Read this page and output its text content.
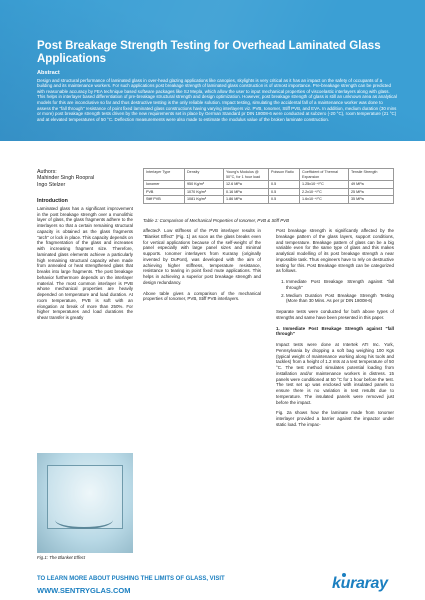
Post Breakage Strength Testing for Overhead Laminated Glass Applications
Abstract
Design and structural performance of laminated glass in over-head glazing applications like canopies, skylights is very critical as it has an impact on the safety of occupants of a building and its maintenance workers. For such applications post breakage strength of laminated glass construction is of utmost importance. Pre-breakage strength can be predicted with reasonable accuracy by FEA technique based software packages like SJ Mepla, which allow the user to input mechanical properties of viscoelastic interlayers along with glass. This helps in interlayer based differentiation of pre-breakage structural strength and design optimization. However, post breakage strength of glass is still an unknown area as analytical models for this are inconclusive so far and thus destructive testing is the only reliable solution. Impact testing, simulating the accidental fall of a maintenance worker was done to assess the "fall through" resistance of point fixed laminated glass constructions having varying interlayers viz. PVB, Ionomer, Stiff PVB, and EVA. In addition, medium duration (30 mins or more) post breakage strength tests driven by the new requirements set in place by German Standard pr DIN 18008-6 were conducted at subzero (-20 °C), room temperature (21 °C) and at elevated temperatures of 50 °C. Deflection measurements were also made to estimate the modulus value of the broken laminate construction.
Authors:
Mahinder Singh Roopral
Ingo Stelzer
Interlayer Type	Density	Young's Modulus @ 50°C, for 1 hour load	Poisson Ratio	Coefficient of Thermal Expansion	Tensile Strength
Ionomer	950 Kg/m³	12.6 MPa	0.5	1.25x10⁻⁴/°C	49 MPa
PVB	1070 Kg/m³	0.16 MPa	0.5	2.2x10⁻⁴/°C	25 MPa
Stiff PVB	1081 Kg/m³	1.86 MPa	0.5	1.6x10⁻⁴/°C	35 MPa
Table 1: Comparison of Mechanical Properties of Ionomer, PVB & Stiff PVB
Introduction

Laminated glass has a significant improvement in the post breakage strength over a monolithic layer of glass, the glass fragments adhere to the interlayers so that a certain remaining structural capacity is obtained as the glass fragments "arch" or lock in place. This capacity depends on the fragmentation of the glass and increases with increasing fragment size. Therefore, laminated glass elements achieve a particularly high remaining structural capacity when made from annealed or heat strengthened glass that breaks into large fragments. The post breakage behavior furthermore depends on the interlayer material. The most common interlayer is PVB whose mechanical properties are heavily depended on temperature and load duration. At room temperature, PVB is soft with an elongation at break of more than 250%. For higher temperatures and load durations the shear transfer is greatly

affected¹. Low stiffness of the PVB interlayer results in "Blanket Effect" (Fig. 1) as soon as the glass breaks even for vertical applications because of the self-weight of the panel especially with large panel sizes and minimal supports. Ionomer interlayers from Kuraray (originally invented by DuPont), was developed with the aim of achieving higher stiffness, temperature resistance, resistance to tearing in point fixed mute applications. This helps in achieving a superior post breakage strength and design redundancy.

Above table gives a comparison of the mechanical properties of Ionomer, PVB, Stiff PVB interlayers.

Post breakage strength is significantly affected by the breakage pattern of the glass layers, support conditions, and temperature. Breakage pattern of glass can be a big variable even for the same type of glass and this makes analytical modelling of its post breakage strength a near impossible task. Thus engineers have to rely on destructive testing for this. Post Breakage strength can be categorized as follows.

1. Immediate Post Breakage Strength against "fall through"
2. Medium Duration Post Breakage Strength Testing (More than 30 Mins. As per pr DIN 18008-6)

Separate tests were conducted for both above types of strengths and same have been presented in this paper.

1. Immediate Post Breakage Strength against "fall through"

Impact tests were done at Intertek ATI Inc. York, Pennsylvania by dropping a soft bag weighing 100 Kgs (typical weight of maintenance working along his tools and tackles) from a height of 1.2 mts at a test temperature of 50 °C. The test method simulates potential loading from installation and/or maintenance workers in distress. 15 panels were conditioned at 50 °C for 1 hour before the test. The test set up was enclosed with insulated panels to ensure there is no variation in test results due to temperature. The insulated panels were removed just before the impact.

Fig. 2a shows how the laminate made from Ionomer interlayer provided a barrier against the impactor under static load. The impac-

Fig.1: The Blanket Effect
TO LEARN MORE ABOUT PUSHING THE LIMITS OF GLASS, VISIT
WWW.SENTRYGLAS.COM	kuraray
